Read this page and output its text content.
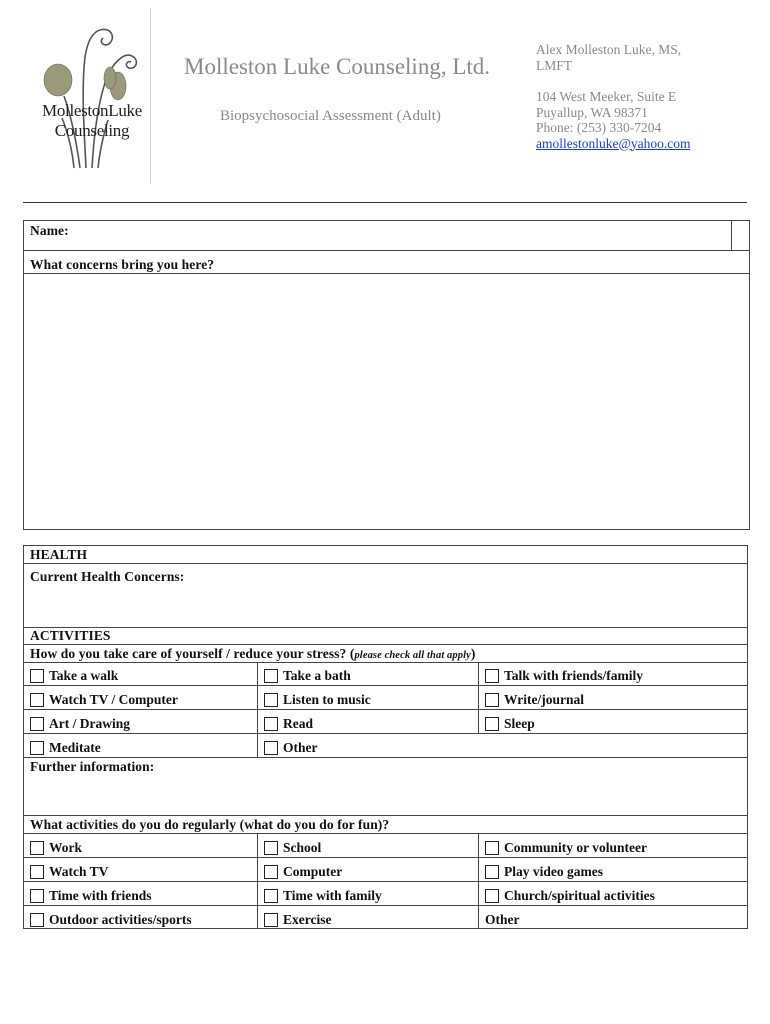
MollestonLuke
Counseling
Molleston Luke Counseling, Ltd.
Biopsychosocial Assessment (Adult)
Alex Molleston Luke, MS,
LMFT
104 West Meeker, Suite E
Puyallup, WA 98371
Phone: (253) 330-7204
amollestonluke@yahoo.com
Name:
What concerns bring you here?
HEALTH
Current Health Concerns:
ACTIVITIES
How do you take care of yourself / reduce your stress? (please check all that apply)
Take a walk	Take a bath	Talk with friends/family
Watch TV / Computer	Listen to music	Write/journal
Art / Drawing	Read	Sleep
Meditate	Other
Further information:
What activities do you do regularly (what do you do for fun)?
Work	School	Community or volunteer
Watch TV	Computer	Play video games
Time with friends	Time with family	Church/spiritual activities
Outdoor activities/sports	Exercise	Other
